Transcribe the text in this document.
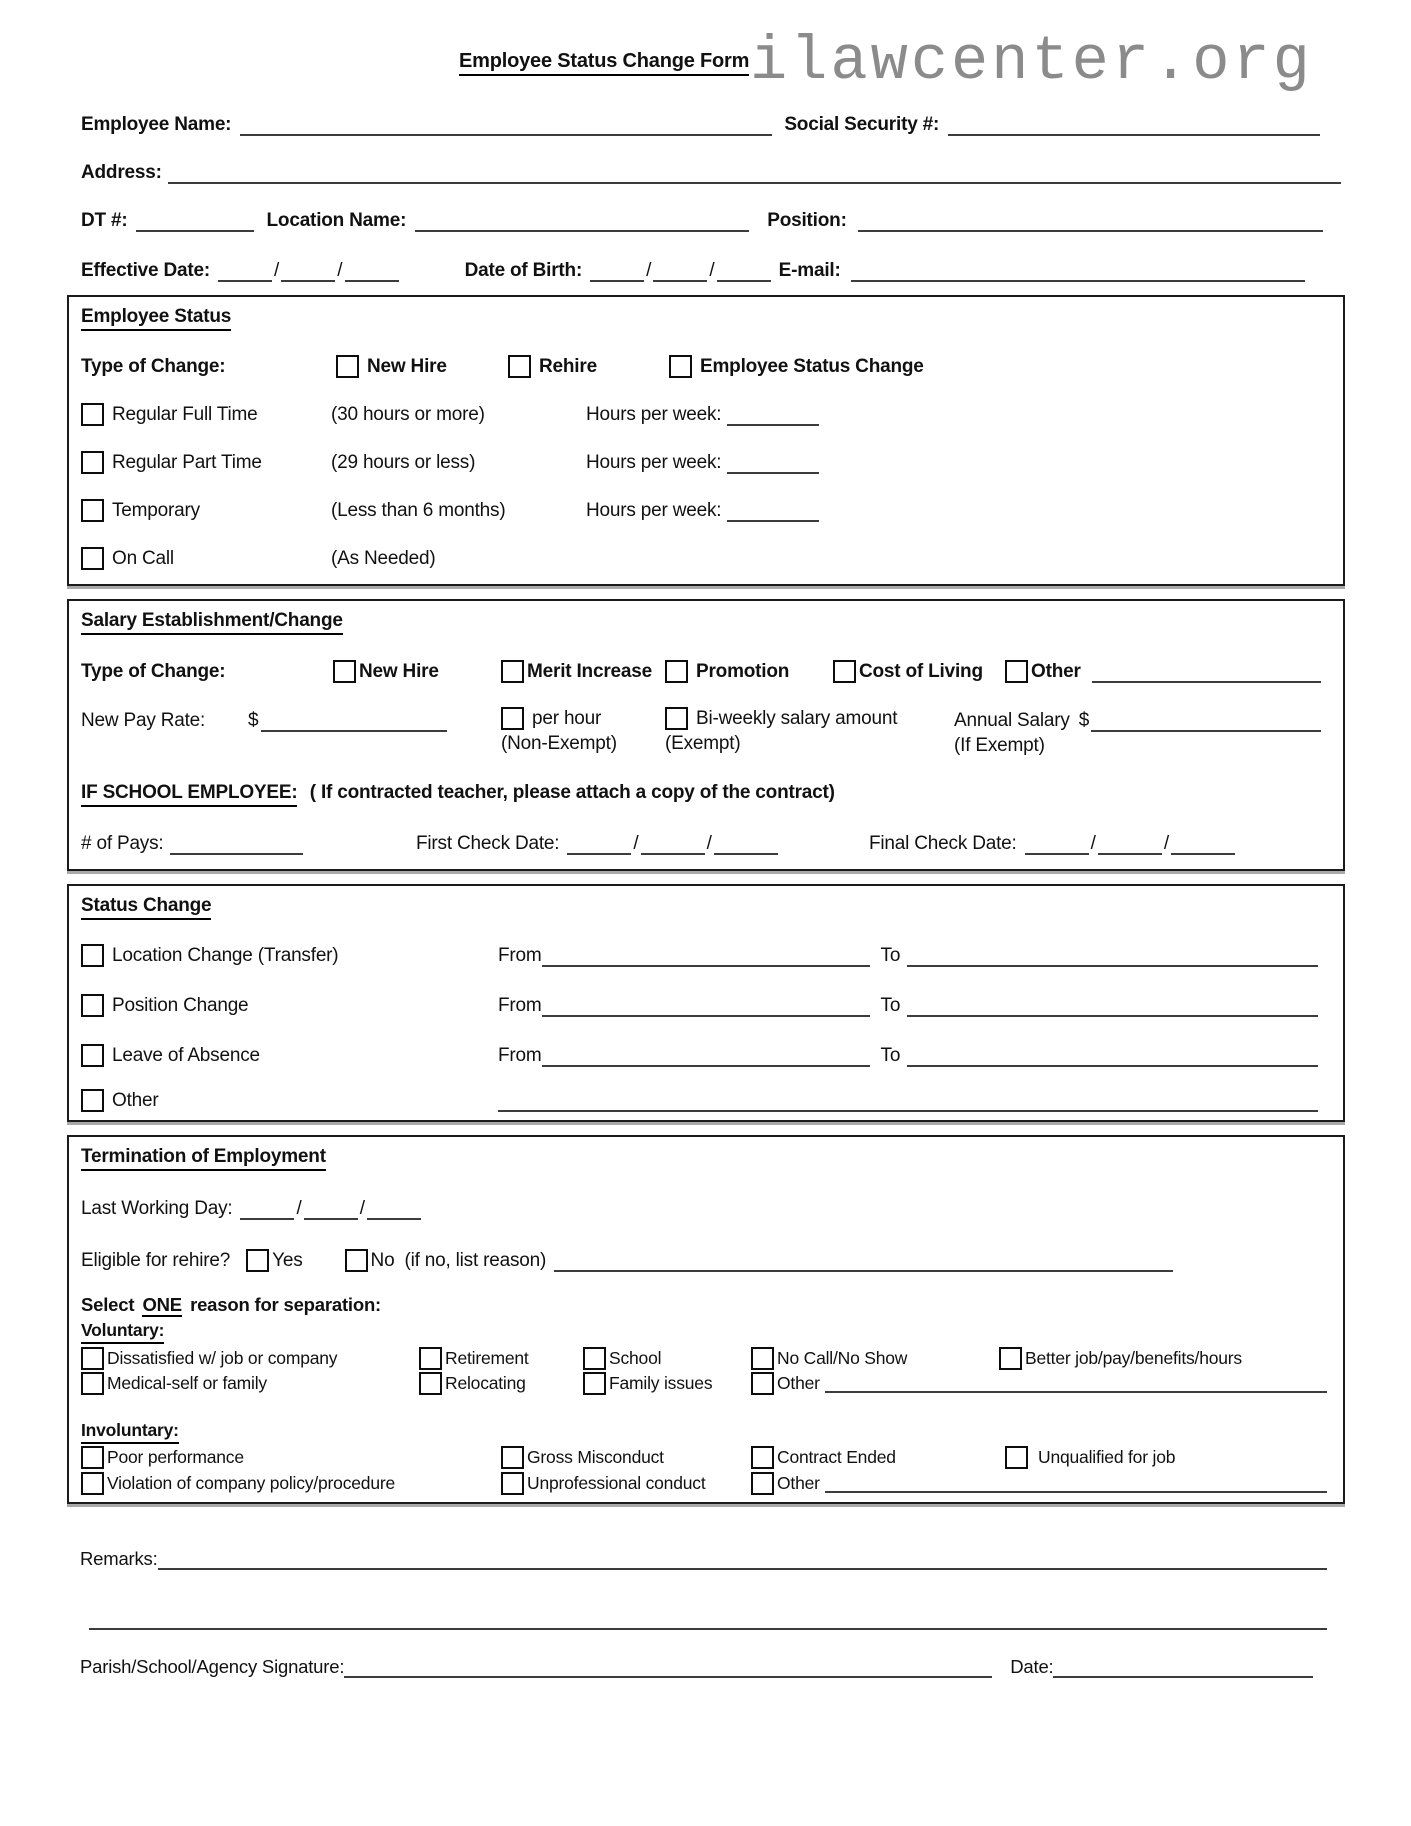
Employee Status Change Form ilawcenter.org
Employee Name:	Social Security #:
Address:
DT #:	Location Name:	Position:
Effective Date:	/	/	Date of Birth:	/	/	E-mail:
Employee Status
Type of Change:	New Hire	Rehire	Employee Status Change
Regular Full Time	(30 hours or more)	Hours per week:
Regular Part Time	(29 hours or less)	Hours per week:
Temporary	(Less than 6 months)	Hours per week:
On Call	(As Needed)
Salary Establishment/Change
Type of Change:	New Hire	Merit Increase Promotion	Cost of Living	Other
New Pay Rate:	$	per hour
(Non-Exempt)
Bi-weekly salary amount
(Exempt)
Annual Salary $
(If Exempt)
IF SCHOOL EMPLOYEE: ( If contracted teacher, please attach a copy of the contract)
# of Pays:	First Check Date:	/	/	Final Check Date:	/	/
Status Change
Location Change (Transfer)	From	To
Position Change	From	To
Leave of Absence	From	To
Other
Termination of Employment
Last Working Day:	/	/
Eligible for rehire? Yes	No (if no, list reason)
Select ONE reason for separation:
Voluntary:
Dissatisfied w/ job or company	Retirement	School	No Call/No Show	Better job/pay/benefits/hours
Medical-self or family	Relocating	Family issues	Other
Involuntary:
Poor performance	Gross Misconduct	Contract Ended	Unqualified for job
Violation of company policy/procedure	Unprofessional conduct	Other
Remarks:
Parish/School/Agency Signature:	Date:
